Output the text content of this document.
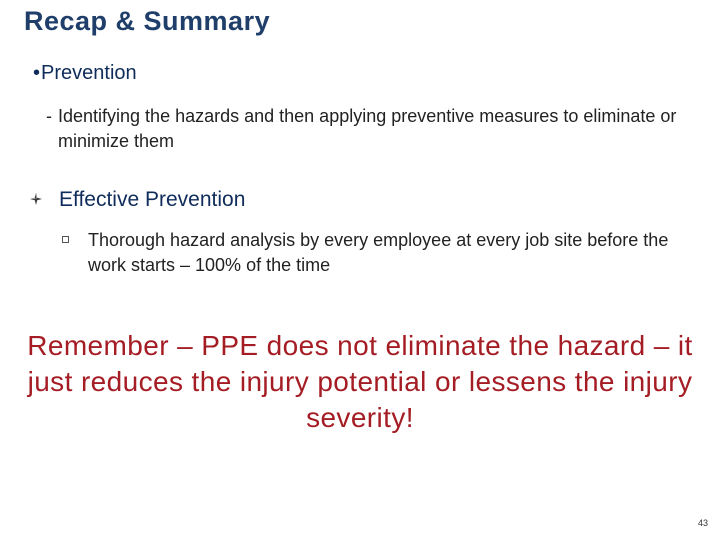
Recap & Summary
•Prevention
- Identifying the hazards and then applying preventive measures to eliminate or minimize them
Effective Prevention
Thorough hazard analysis by every employee at every job site before the work starts – 100% of the time
Remember – PPE does not eliminate the hazard – it just reduces the injury potential or lessens the injury severity!
43
